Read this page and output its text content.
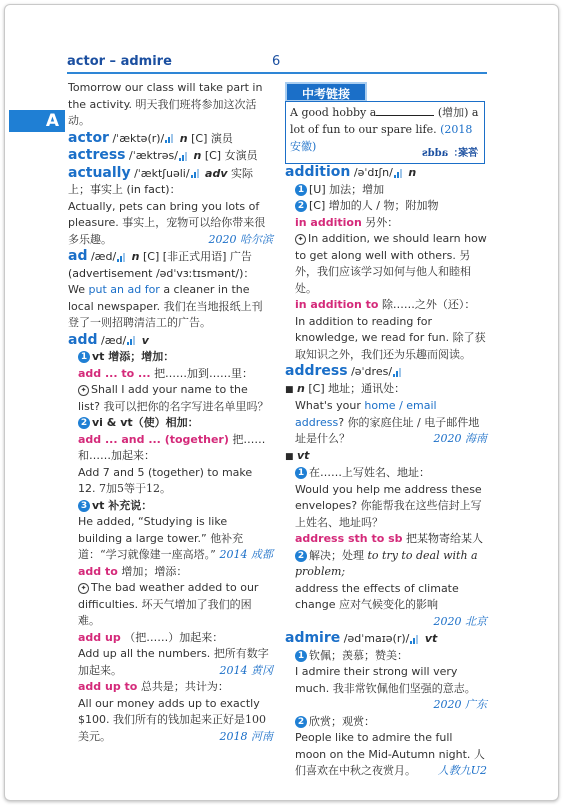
actor – admire	6
A

Tomorrow our class will take part in the activity. 明天我们班将参加这次活动。

actor /ˈæktə(r)/ n [C] 演员

actress /ˈæktrəs/ n [C] 女演员

actually /ˈæktʃuəli/ adv 实际上；事实上 (in fact)：

Actually, pets can bring you lots of pleasure. 事实上，宠物可以给你带来很多乐趣。	2020 哈尔滨

ad /æd/ n [C] [非正式用语] 广告 (advertisement /ədˈvɜːtɪsmənt/)：

We put an ad for a cleaner in the local newspaper. 我们在当地报纸上刊登了一则招聘清洁工的广告。

add /æd/ v

1 vt 增添；增加：

add ... to ... 把……加到……里：

✦ Shall I add your name to the list? 我可以把你的名字写进名单里吗？

2 vi & vt（使）相加：

add ... and ... (together) 把……和……加起来：

Add 7 and 5 (together) to make 12. 7加5等于12。

3 vt 补充说：

He added, “Studying is like building a large tower.” 他补充道：“学习就像建一座高塔。” 2014 成都

add to 增加；增添：

✦ The bad weather added to our difficulties. 坏天气增加了我们的困难。

add up （把……）加起来：

Add up all the numbers. 把所有数字加起来。	2014 黄冈

add up to 总共是；共计为：

All our money adds up to exactly $100. 我们所有的钱加起来正好是100美元。	2018 河南

中考链接
A good hobby a	(增加) a lot of fun to our spare life. (2018 安徽)
答案：adds

addition /əˈdɪʃn/ n

1 [U] 加法；增加

2 [C] 增加的人 / 物；附加物

in addition 另外：

✦ In addition, we should learn how to get along well with others. 另外，我们应该学习如何与他人和睦相处。

in addition to 除……之外（还）：

In addition to reading for knowledge, we read for fun. 除了获取知识之外，我们还为乐趣而阅读。

address /əˈdres/

■ n [C] 地址；通讯处：

What's your home / email address? 你的家庭住址 / 电子邮件地址是什么？	2020 海南

■ vt

1 在……上写姓名、地址：

Would you help me address these envelopes? 你能帮我在这些信封上写上姓名、地址吗？

address sth to sb 把某物寄给某人

2 解决；处理 to try to deal with a problem;

address the effects of climate change 应对气候变化的影响
2020 北京

admire /ədˈmaɪə(r)/ vt

1 钦佩；羡慕；赞美：

I admire their strong will very much. 我非常钦佩他们坚强的意志。
2020 广东

2 欣赏；观赏：

People like to admire the full moon on the Mid-Autumn night. 人们喜欢在中秋之夜赏月。 人教九U2
